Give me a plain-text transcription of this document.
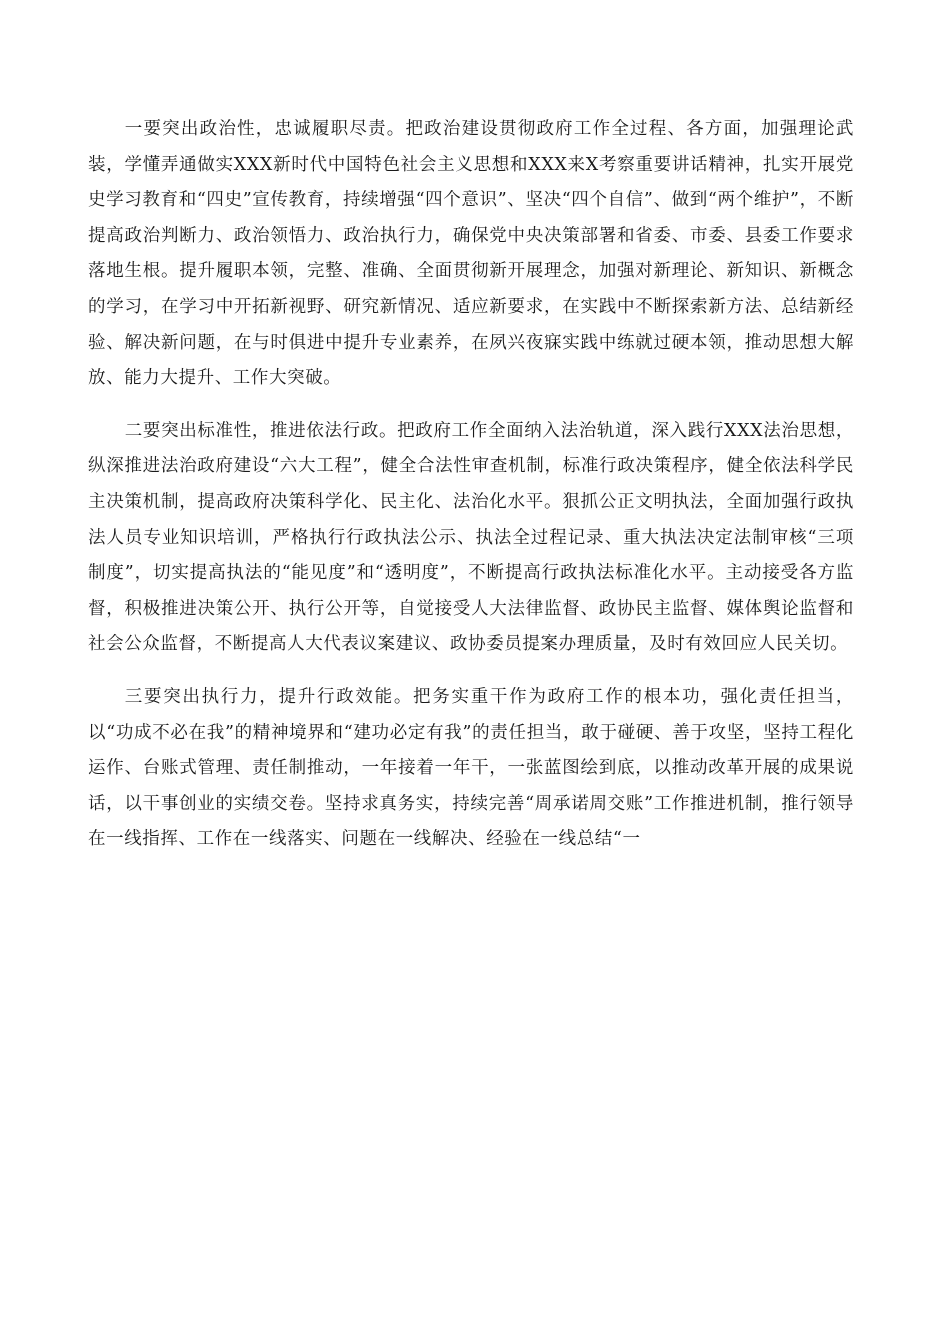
一要突出政治性，忠诚履职尽责。把政治建设贯彻政府工作全过程、各方面，加强理论武装，学懂弄通做实XXX新时代中国特色社会主义思想和XXX来X考察重要讲话精神，扎实开展党史学习教育和“四史”宣传教育，持续增强“四个意识”、坚决“四个自信”、做到“两个维护”，不断提高政治判断力、政治领悟力、政治执行力，确保党中央决策部署和省委、市委、县委工作要求落地生根。提升履职本领，完整、准确、全面贯彻新开展理念，加强对新理论、新知识、新概念的学习，在学习中开拓新视野、研究新情况、适应新要求，在实践中不断探索新方法、总结新经验、解决新问题，在与时俱进中提升专业素养，在夙兴夜寐实践中练就过硬本领，推动思想大解放、能力大提升、工作大突破。

二要突出标准性，推进依法行政。把政府工作全面纳入法治轨道，深入践行XXX法治思想，纵深推进法治政府建设“六大工程”，健全合法性审查机制，标准行政决策程序，健全依法科学民主决策机制，提高政府决策科学化、民主化、法治化水平。狠抓公正文明执法，全面加强行政执法人员专业知识培训，严格执行行政执法公示、执法全过程记录、重大执法决定法制审核“三项制度”，切实提高执法的“能见度”和“透明度”，不断提高行政执法标准化水平。主动接受各方监督，积极推进决策公开、执行公开等，自觉接受人大法律监督、政协民主监督、媒体舆论监督和社会公众监督，不断提高人大代表议案建议、政协委员提案办理质量，及时有效回应人民关切。

三要突出执行力，提升行政效能。把务实重干作为政府工作的根本功，强化责任担当，以“功成不必在我”的精神境界和“建功必定有我”的责任担当，敢于碰硬、善于攻坚，坚持工程化运作、台账式管理、责任制推动，一年接着一年干，一张蓝图绘到底，以推动改革开展的成果说话，以干事创业的实绩交卷。坚持求真务实，持续完善“周承诺周交账”工作推进机制，推行领导在一线指挥、工作在一线落实、问题在一线解决、经验在一线总结“一
